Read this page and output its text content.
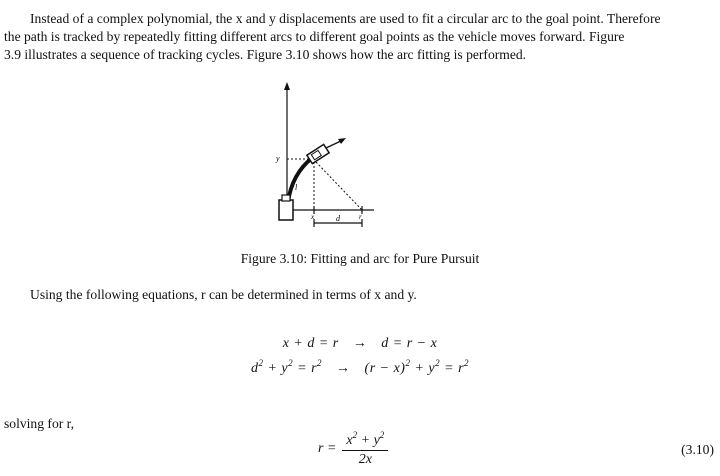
Instead of a complex polynomial, the x and y displacements are used to fit a circular arc to the goal point. Therefore
the path is tracked by repeatedly fitting different arcs to different goal points as the vehicle moves forward. Figure
3.9 illustrates a sequence of tracking cycles. Figure 3.10 shows how the arc fitting is performed.
y
l
x	d	r
Figure 3.10: Fitting and arc for Pure Pursuit
Using the following equations, r can be determined in terms of x and y.
x + d = r → d = r − x
$d^2 + y^2 = r^2 \to (r - x)^2 + y^2 = r^2$
solving for r,
$r = \frac{x^2 + y^2}{2x}$	(3.10)
